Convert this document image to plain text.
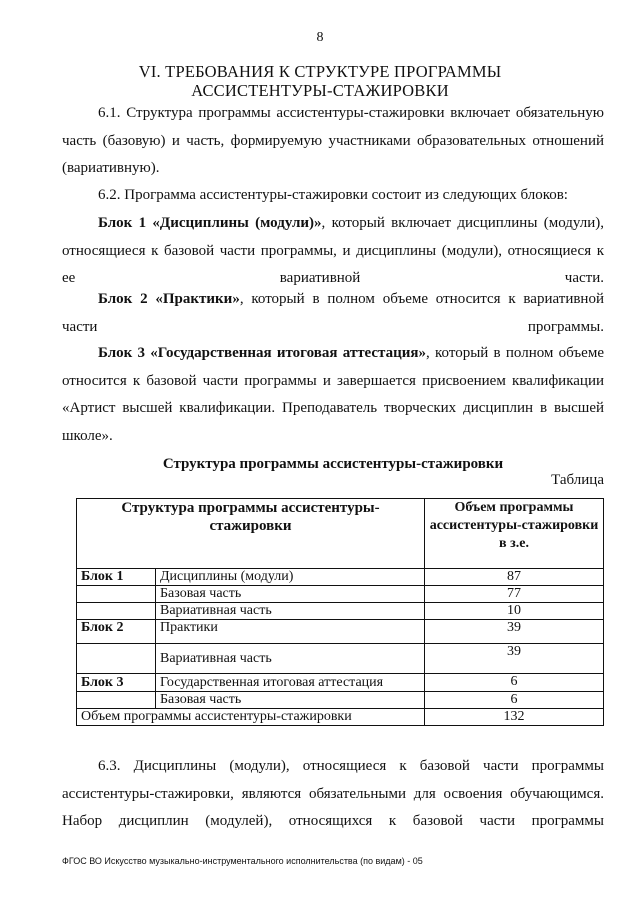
8
VI. ТРЕБОВАНИЯ К СТРУКТУРЕ ПРОГРАММЫ
АССИСТЕНТУРЫ-СТАЖИРОВКИ

6.1. Структура программы ассистентуры-стажировки включает обязательную часть (базовую) и часть, формируемую участниками образовательных отношений (вариативную).

6.2. Программа ассистентуры-стажировки состоит из следующих блоков:

Блок 1 «Дисциплины (модули)», который включает дисциплины (модули), относящиеся к базовой части программы, и дисциплины (модули), относящиеся к ее вариативной части.

Блок 2 «Практики», который в полном объеме относится к вариативной части программы.

Блок 3 «Государственная итоговая аттестация», который в полном объеме относится к базовой части программы и завершается присвоением квалификации «Артист высшей квалификации. Преподаватель творческих дисциплин в высшей школе».

Структура программы ассистентуры-стажировки
Таблица
Структура программы ассистентуры-стажировки		Объем программы ассистентуры-стажировки
в з.е.

Блок 1	Дисциплины (модули)	87
	Базовая часть	77
	Вариативная часть	10
Блок 2	Практики	39
	Вариативная часть	39
Блок 3	Государственная итоговая аттестация	6
	Базовая часть	6
Объем программы ассистентуры-стажировки		132
6.3. Дисциплины (модули), относящиеся к базовой части программы
ассистентуры-стажировки, являются обязательными для освоения обучающимся.
Набор дисциплин (модулей), относящихся к базовой части программы
ФГОС ВО Искусство музыкально-инструментального исполнительства (по видам) - 05
